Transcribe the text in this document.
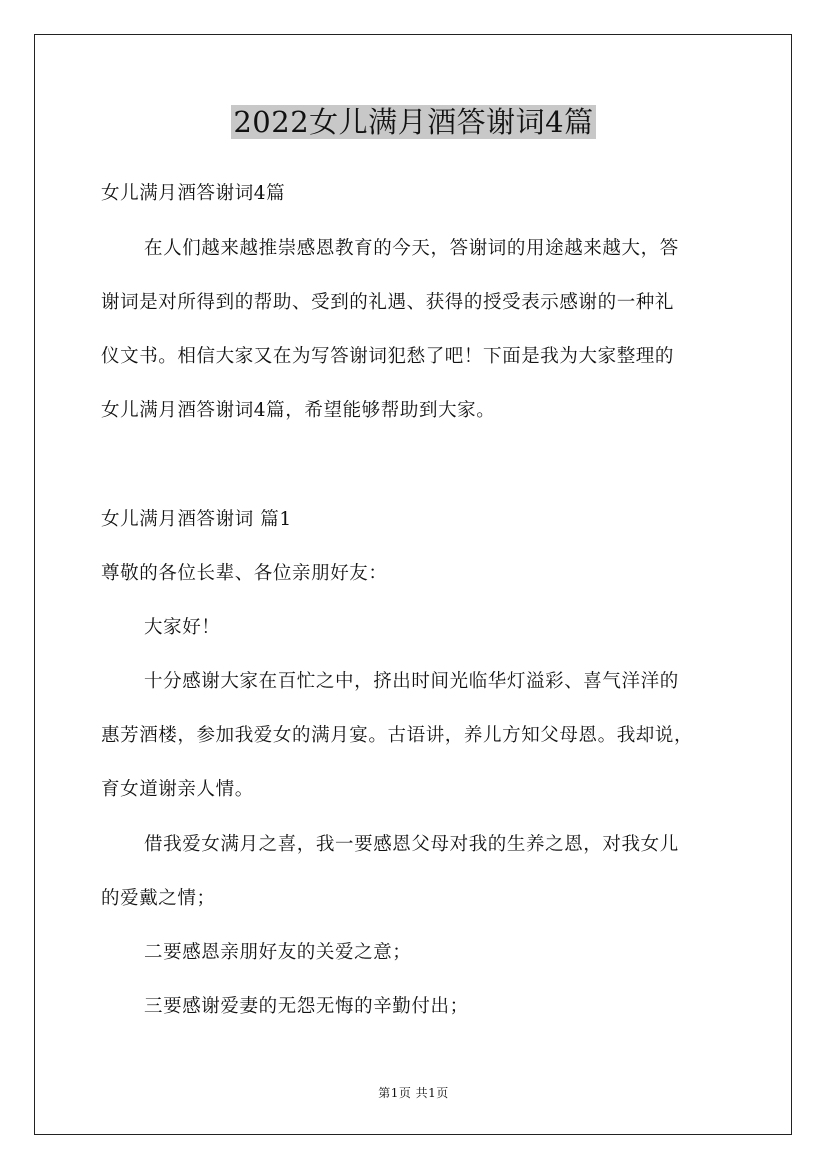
2022女儿满月酒答谢词4篇
女儿满月酒答谢词4篇
在人们越来越推崇感恩教育的今天，答谢词的用途越来越大，答
谢词是对所得到的帮助、受到的礼遇、获得的授受表示感谢的一种礼
仪文书。相信大家又在为写答谢词犯愁了吧！下面是我为大家整理的
女儿满月酒答谢词4篇，希望能够帮助到大家。
女儿满月酒答谢词 篇1
尊敬的各位长辈、各位亲朋好友：
大家好！
十分感谢大家在百忙之中，挤出时间光临华灯溢彩、喜气洋洋的
惠芳酒楼，参加我爱女的满月宴。古语讲，养儿方知父母恩。我却说，
育女道谢亲人情。
借我爱女满月之喜，我一要感恩父母对我的生养之恩，对我女儿
的爱戴之情；
二要感恩亲朋好友的关爱之意；
三要感谢爱妻的无怨无悔的辛勤付出；
第1页 共1页
